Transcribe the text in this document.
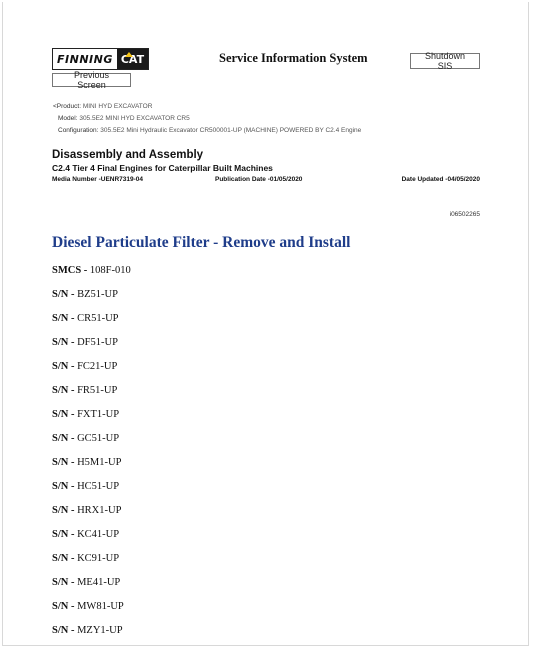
FINNING CAT	Service Information System
Previous Screen
Shutdown SIS
<Product: MINI HYD EXCAVATOR
Model: 305.5E2 MINI HYD EXCAVATOR CR5
Configuration: 305.5E2 Mini Hydraulic Excavator CR500001-UP (MACHINE) POWERED BY C2.4 Engine
Disassembly and Assembly
C2.4 Tier 4 Final Engines for Caterpillar Built Machines
Media Number -UENR7319-04	Publication Date -01/05/2020	Date Updated -04/05/2020
i06502265
Diesel Particulate Filter - Remove and Install
SMCS - 108F-010
S/N - BZ51-UP
S/N - CR51-UP
S/N - DF51-UP
S/N - FC21-UP
S/N - FR51-UP
S/N - FXT1-UP
S/N - GC51-UP
S/N - H5M1-UP
S/N - HC51-UP
S/N - HRX1-UP
S/N - KC41-UP
S/N - KC91-UP
S/N - ME41-UP
S/N - MW81-UP
S/N - MZY1-UP
